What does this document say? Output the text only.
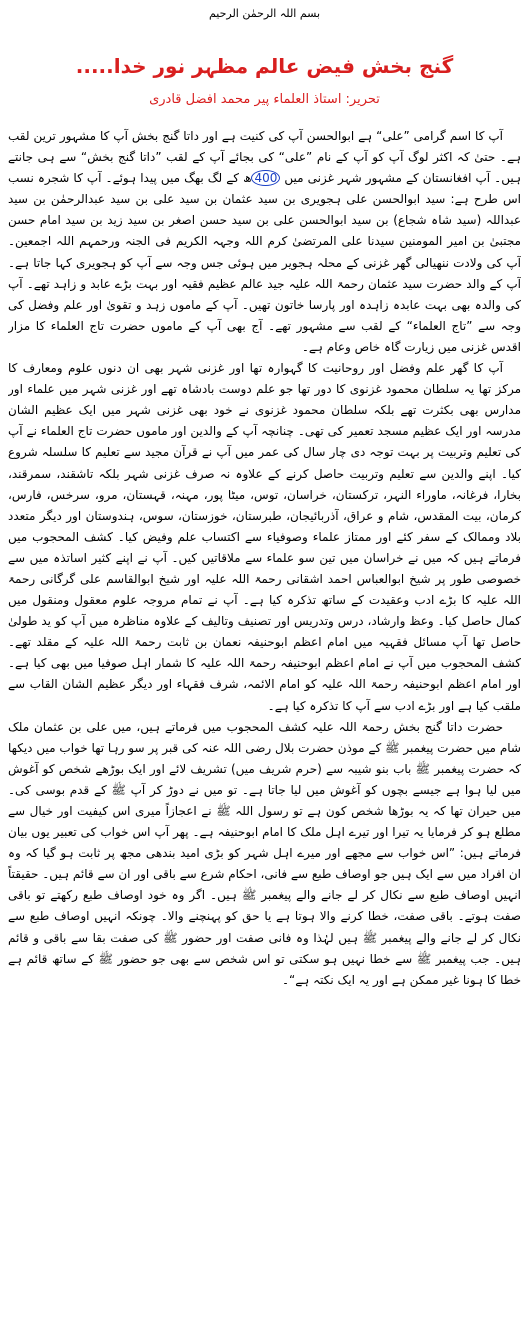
بسم اللہ الرحمٰن الرحیم
گنج بخش فیض عالم مظہر نور خدا.....
تحریر: استاذ العلماء پیر محمد افضل قادری

آپ کا اسم گرامی ”علی“ ہے ابوالحسن آپ کی کنیت ہے اور داتا گنج بخش آپ کا مشہور ترین لقب ہے۔ حتیٰ کہ اکثر لوگ آپ کو آپ کے نام ”علی“ کی بجائے آپ کے لقب ”داتا گنج بخش“ سے ہی جانتے ہیں۔ آپ افغانستان کے مشہور شہر غزنی میں 400ھ کے لگ بھگ میں پیدا ہوئے۔ آپ کا شجرہ نسب اس طرح ہے: سید ابوالحسن علی ہجویری بن سید عثمان بن سید علی بن سید عبدالرحمٰن بن سید عبداللہ (سید شاہ شجاع) بن سید ابوالحسن علی بن سید حسن اصغر بن سید زید بن سید امام حسن مجتبیٰ بن امیر المومنین سیدنا علی المرتضیٰ کرم اللہ وجہہ الکریم فی الجنہ ورحمہم اللہ اجمعین۔ آپ کی ولادت ننھیالی گھر غزنی کے محلہ ہجویر میں ہوئی جس وجہ سے آپ کو ہجویری کہا جاتا ہے۔ آپ کے والد حضرت سید عثمان رحمۃ اللہ علیہ جید عالم عظیم فقیہ اور بہت بڑے عابد و زاہد تھے۔ آپ کی والدہ بھی بہت عابدہ زاہدہ اور پارسا خاتون تھیں۔ آپ کے ماموں زہد و تقویٰ اور علم وفضل کی وجہ سے ”تاج العلماء“ کے لقب سے مشہور تھے۔ آج بھی آپ کے ماموں حضرت تاج العلماء کا مزار اقدس غزنی میں زیارت گاہ خاص وعام ہے۔

آپ کا گھر علم وفضل اور روحانیت کا گہوارہ تھا اور غزنی شہر بھی ان دنوں علوم ومعارف کا مرکز تھا یہ سلطان محمود غزنوی کا دور تھا جو علم دوست بادشاہ تھے اور غزنی شہر میں علماء اور مدارس بھی بکثرت تھے بلکہ سلطان محمود غزنوی نے خود بھی غزنی شہر میں ایک عظیم الشان مدرسہ اور ایک عظیم مسجد تعمیر کی تھی۔ چنانچہ آپ کے والدین اور ماموں حضرت تاج العلماء نے آپ کی تعلیم وتربیت پر بہت توجہ دی چار سال کی عمر میں آپ نے قرآن مجید سے تعلیم کا سلسلہ شروع کیا۔ اپنے والدین سے تعلیم وتربیت حاصل کرنے کے علاوہ نہ صرف غزنی شہر بلکہ تاشقند، سمرقند، بخارا، فرغانہ، ماوراء النہر، ترکستان، خراسان، توس، میٹا پور، مہنہ، قہستان، مرو، سرخس، فارس، کرمان، بیت المقدس، شام و عراق، آذربائیجان، طبرستان، خوزستان، سوس، ہندوستان اور دیگر متعدد بلاد وممالک کے سفر کئے اور ممتاز علماء وصوفیاء سے اکتساب علم وفیض کیا۔ کشف المحجوب میں فرماتے ہیں کہ میں نے خراسان میں تین سو علماء سے ملاقاتیں کیں۔ آپ نے اپنے کثیر اساتذہ میں سے خصوصی طور پر شیخ ابوالعباس احمد اشقانی رحمۃ اللہ علیہ اور شیخ ابوالقاسم علی گرگانی رحمۃ اللہ علیہ کا بڑے ادب وعقیدت کے ساتھ تذکرہ کیا ہے۔ آپ نے تمام مروجہ علوم معقول ومنقول میں کمال حاصل کیا۔ وعظ وارشاد، درس وتدریس اور تصنیف وتالیف کے علاوہ مناظرہ میں آپ کو ید طولیٰ حاصل تھا آپ مسائل فقہیہ میں امام اعظم ابوحنیفہ نعمان بن ثابت رحمۃ اللہ علیہ کے مقلد تھے۔ کشف المحجوب میں آپ نے امام اعظم ابوحنیفہ رحمۃ اللہ علیہ کا شمار اہل صوفیا میں بھی کیا ہے۔ اور امام اعظم ابوحنیفہ رحمۃ اللہ علیہ کو امام الائمہ، شرف فقہاء اور دیگر عظیم الشان القاب سے ملقب کیا ہے اور بڑے ادب سے آپ کا تذکرہ کیا ہے۔

حضرت داتا گنج بخش رحمۃ اللہ علیہ کشف المحجوب میں فرماتے ہیں، میں علی بن عثمان ملک شام میں حضرت پیغمبر ﷺ کے موذن حضرت بلال رضی اللہ عنہ کی قبر پر سو رہا تھا خواب میں دیکھا کہ حضرت پیغمبر ﷺ باب بنو شیبہ سے (حرم شریف میں) تشریف لائے اور ایک بوڑھے شخص کو آغوش میں لیا ہوا ہے جیسے بچوں کو آغوش میں لیا جاتا ہے۔ تو میں نے دوڑ کر آپ ﷺ کے قدم بوسی کی۔ میں حیران تھا کہ یہ بوڑھا شخص کون ہے تو رسول اللہ ﷺ نے اعجازاً میری اس کیفیت اور خیال سے مطلع ہو کر فرمایا یہ تیرا اور تیرے اہل ملک کا امام ابوحنیفہ ہے۔ پھر آپ اس خواب کی تعبیر یوں بیان فرماتے ہیں: ”اس خواب سے مجھے اور میرے اہل شہر کو بڑی امید بندھی مجھ پر ثابت ہو گیا کہ وہ ان افراد میں سے ایک ہیں جو اوصاف طبع سے فانی، احکام شرع سے باقی اور ان سے قائم ہیں۔ حقیقتاً انہیں اوصاف طبع سے نکال کر لے جانے والے پیغمبر ﷺ ہیں۔ اگر وہ خود اوصاف طبع رکھتے تو باقی صفت ہوتے۔ باقی صفت، خطا کرنے والا ہوتا ہے یا حق کو پہنچنے والا۔ چونکہ انہیں اوصاف طبع سے نکال کر لے جانے والے پیغمبر ﷺ ہیں لہٰذا وہ فانی صفت اور حضور ﷺ کی صفت بقا سے باقی و قائم ہیں۔ جب پیغمبر ﷺ سے خطا نہیں ہو سکتی تو اس شخص سے بھی جو حضور ﷺ کے ساتھ قائم ہے خطا کا ہونا غیر ممکن ہے اور یہ ایک نکتہ ہے“۔
